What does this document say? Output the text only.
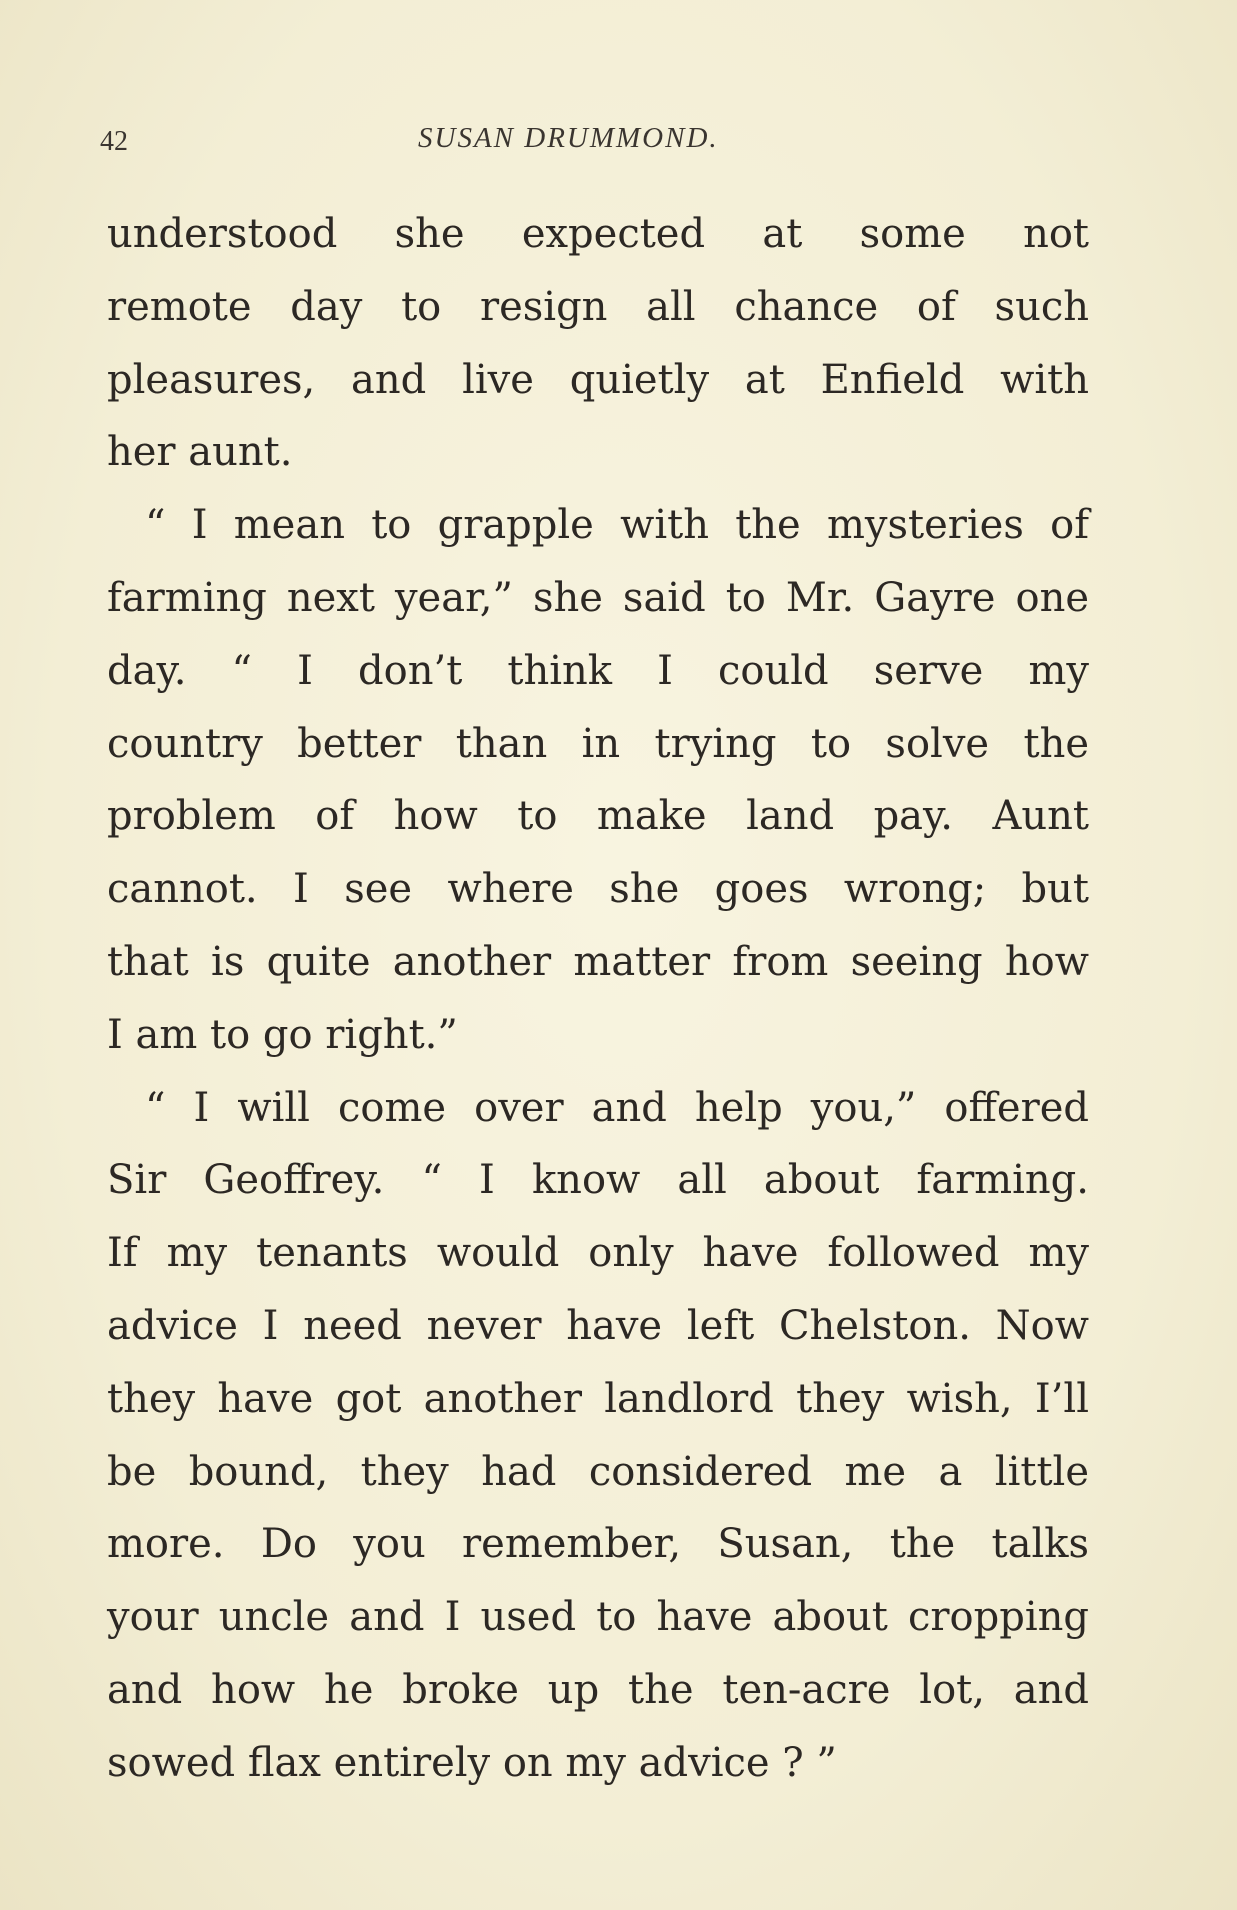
42	SUSAN DRUMMOND.
understood she expected at some not
remote day to resign all chance of such
pleasures, and live quietly at Enfield with
her aunt.
“ I mean to grapple with the mysteries of
farming next year,” she said to Mr. Gayre one
day. “ I don’t think I could serve my
country better than in trying to solve the
problem of how to make land pay. Aunt
cannot. I see where she goes wrong; but
that is quite another matter from seeing how
I am to go right.”
“ I will come over and help you,” offered
Sir Geoffrey. “ I know all about farming.
If my tenants would only have followed my
advice I need never have left Chelston. Now
they have got another landlord they wish, I’ll
be bound, they had considered me a little
more. Do you remember, Susan, the talks
your uncle and I used to have about cropping
and how he broke up the ten-acre lot, and
sowed flax entirely on my advice ? ”
